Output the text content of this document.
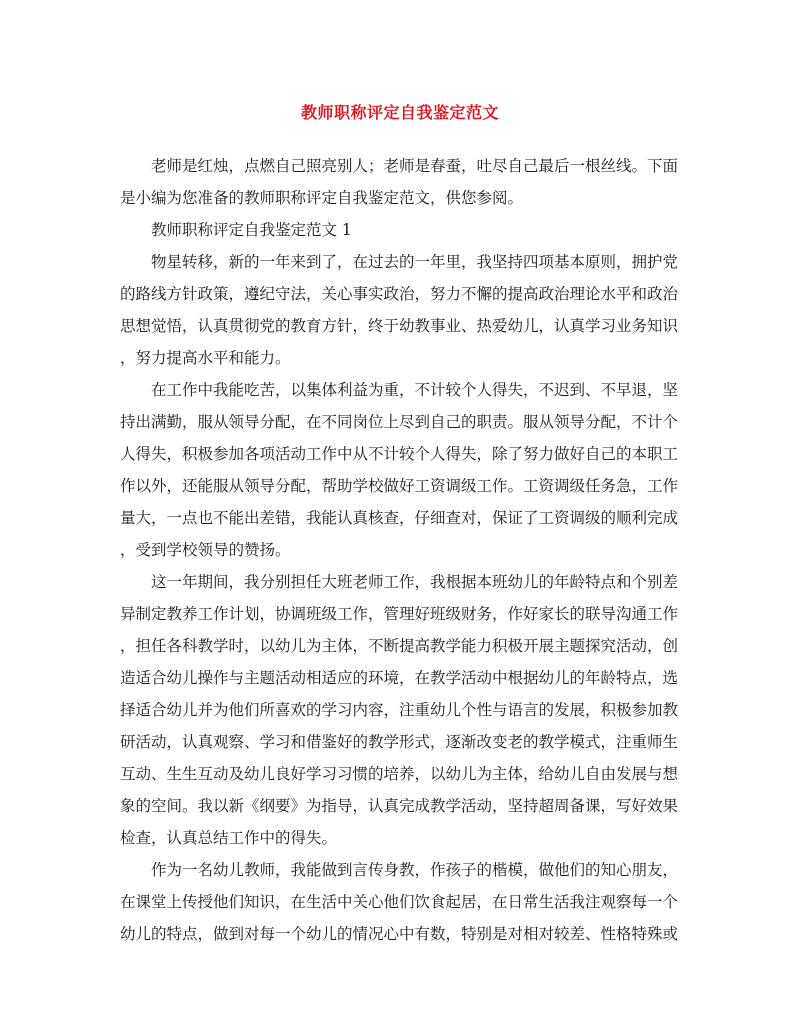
教师职称评定自我鉴定范文
老师是红烛，点燃自己照亮别人；老师是春蚕，吐尽自己最后一根丝线。下面
是小编为您准备的教师职称评定自我鉴定范文，供您参阅。
教师职称评定自我鉴定范文 1
物星转移，新的一年来到了，在过去的一年里，我坚持四项基本原则，拥护党
的路线方针政策，遵纪守法，关心事实政治，努力不懈的提高政治理论水平和政治
思想觉悟，认真贯彻党的教育方针，终于幼教事业、热爱幼儿，认真学习业务知识
，努力提高水平和能力。
在工作中我能吃苦，以集体利益为重，不计较个人得失，不迟到、不早退，坚
持出满勤，服从领导分配，在不同岗位上尽到自己的职责。服从领导分配，不计个
人得失，积极参加各项活动工作中从不计较个人得失，除了努力做好自己的本职工
作以外，还能服从领导分配，帮助学校做好工资调级工作。工资调级任务急，工作
量大，一点也不能出差错，我能认真核查，仔细查对，保证了工资调级的顺利完成
，受到学校领导的赞扬。
这一年期间，我分别担任大班老师工作，我根据本班幼儿的年龄特点和个别差
异制定教养工作计划，协调班级工作，管理好班级财务，作好家长的联导沟通工作
，担任各科教学时，以幼儿为主体，不断提高教学能力积极开展主题探究活动，创
造适合幼儿操作与主题活动相适应的环境，在教学活动中根据幼儿的年龄特点，选
择适合幼儿并为他们所喜欢的学习内容，注重幼儿个性与语言的发展，积极参加教
研活动，认真观察、学习和借鉴好的教学形式，逐渐改变老的教学模式，注重师生
互动、生生互动及幼儿良好学习习惯的培养，以幼儿为主体，给幼儿自由发展与想
象的空间。我以新《纲要》为指导，认真完成教学活动，坚持超周备课，写好效果
检查，认真总结工作中的得失。
作为一名幼儿教师，我能做到言传身教，作孩子的楷模，做他们的知心朋友，
在课堂上传授他们知识，在生活中关心他们饮食起居，在日常生活我注观察每一个
幼儿的特点，做到对每一个幼儿的情况心中有数，特别是对相对较差、性格特殊或
